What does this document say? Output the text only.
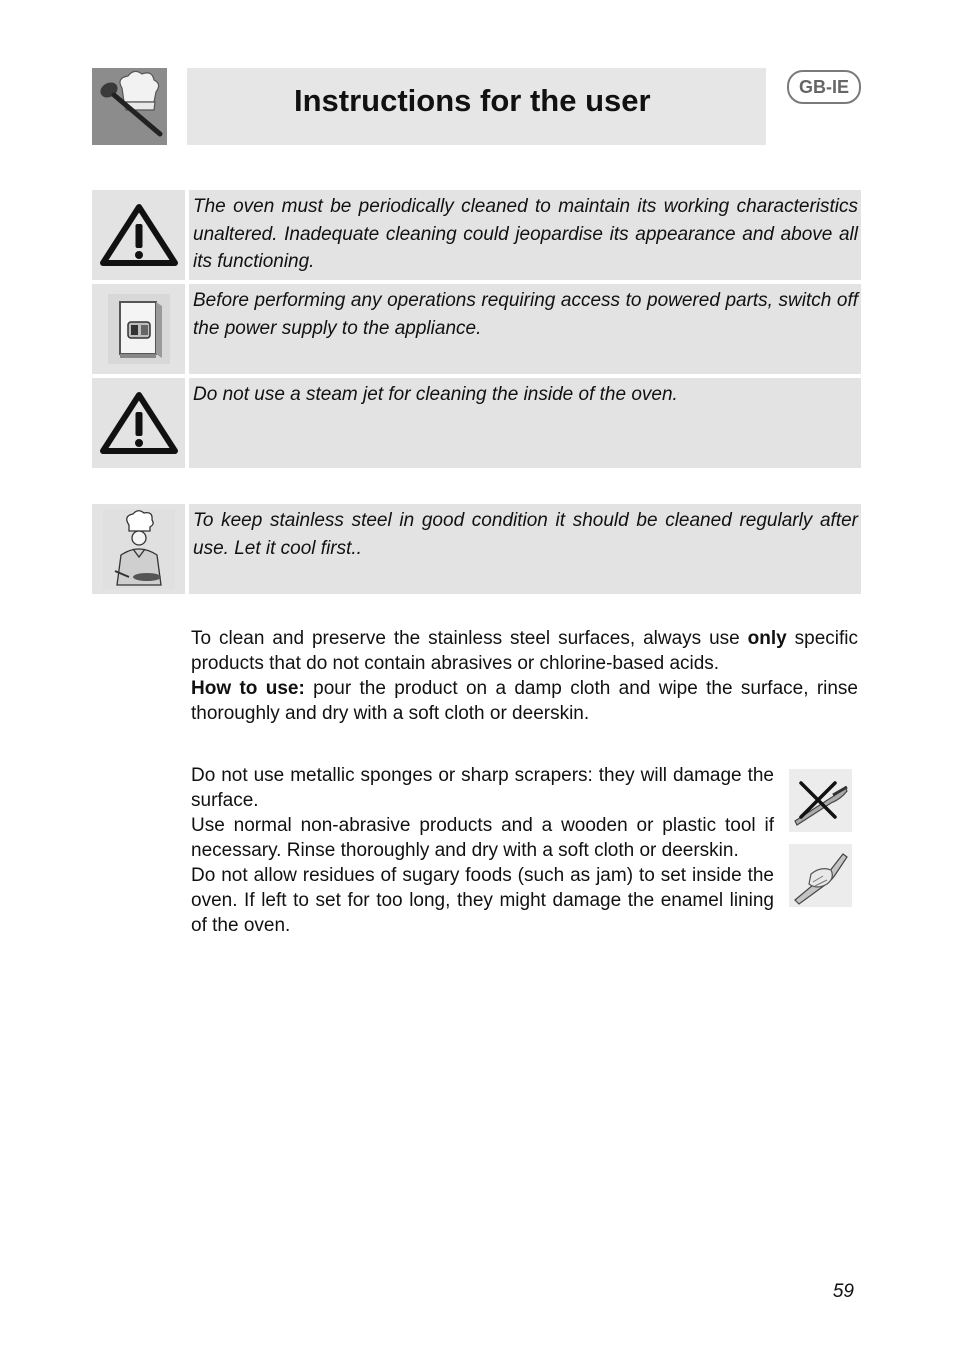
Instructions for the user	GB-IE
The oven must be periodically cleaned to maintain its working characteristics unaltered. Inadequate cleaning could jeopardise its appearance and above all its functioning.
Before performing any operations requiring access to powered parts, switch off the power supply to the appliance.
Do not use a steam jet for cleaning the inside of the oven.
To keep stainless steel in good condition it should be cleaned regularly after use. Let it cool first..
To clean and preserve the stainless steel surfaces, always use only specific products that do not contain abrasives or chlorine-based acids.
How to use: pour the product on a damp cloth and wipe the surface, rinse thoroughly and dry with a soft cloth or deerskin.
Do not use metallic sponges or sharp scrapers: they will damage the surface.
Use normal non-abrasive products and a wooden or plastic tool if necessary. Rinse thoroughly and dry with a soft cloth or deerskin.
Do not allow residues of sugary foods (such as jam) to set inside the oven. If left to set for too long, they might damage the enamel lining of the oven.
59
